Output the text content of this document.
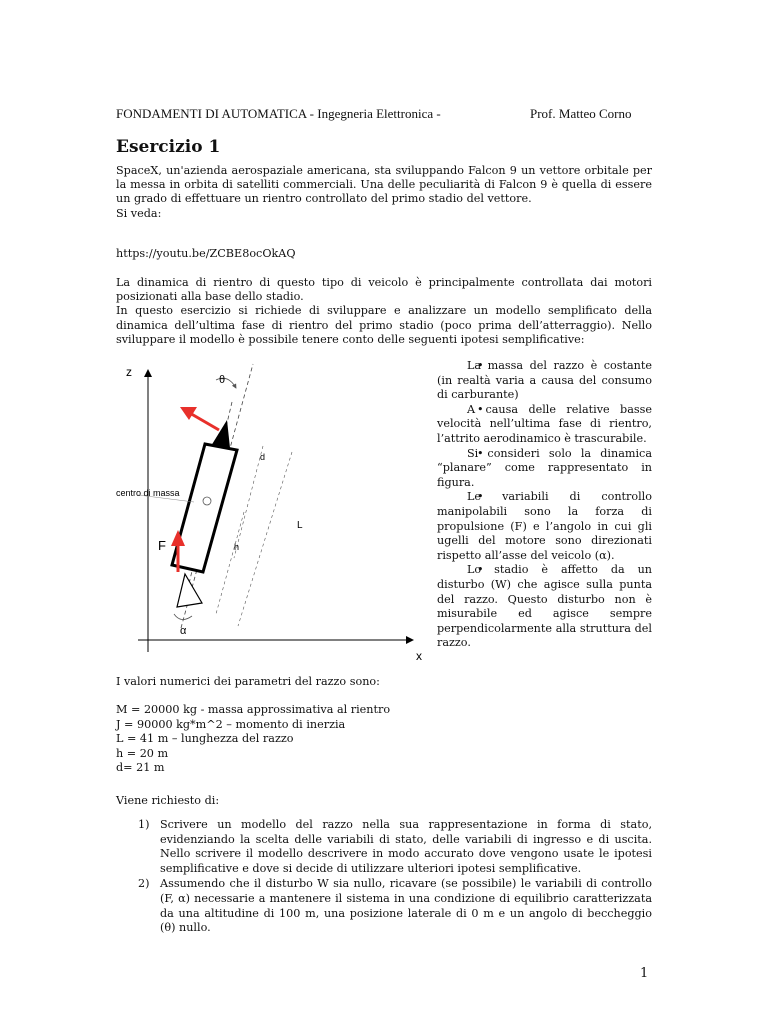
FONDAMENTI DI AUTOMATICA - Ingegneria Elettronica -	Prof. Matteo Corno
Esercizio 1

SpaceX, un'azienda aerospaziale americana, sta sviluppando Falcon 9 un vettore orbitale per la messa in orbita di satelliti commerciali. Una delle peculiarità di Falcon 9 è quella di essere un grado di effettuare un rientro controllato del primo stadio del vettore.

Si veda:

https://youtu.be/ZCBE8ocOkAQ

La dinamica di rientro di questo tipo di veicolo è principalmente controllata dai motori posizionati alla base dello stadio.

In questo esercizio si richiede di sviluppare e analizzare un modello semplificato della dinamica dell’ultima fase di rientro del primo stadio (poco prima dell’atterraggio). Nello sviluppare il modello è possibile tenere conto delle seguenti ipotesi semplificative:

z
x
θ
centro di massa
F
α
d
L
h

• La massa del razzo è costante (in realtà varia a causa del consumo di carburante)

• A causa delle relative basse velocità nell’ultima fase di rientro, l’attrito aerodinamico è trascurabile.

• Si consideri solo la dinamica “planare” come rappresentato in figura.

• Le variabili di controllo manipolabili sono la forza di propulsione (F) e l’angolo in cui gli ugelli del motore sono direzionati rispetto all’asse del veicolo (α).

• Lo stadio è affetto da un disturbo (W) che agisce sulla punta del razzo. Questo disturbo non è misurabile ed agisce sempre perpendicolarmente alla struttura del razzo.

I valori numerici dei parametri del razzo sono:

M = 20000 kg - massa approssimativa al rientro

J = 90000 kg*m^2 – momento di inerzia

L = 41 m – lunghezza del razzo

h = 20 m

d= 21 m

Viene richiesto di:

1) Scrivere un modello del razzo nella sua rappresentazione in forma di stato, evidenziando la scelta delle variabili di stato, delle variabili di ingresso e di uscita. Nello scrivere il modello descrivere in modo accurato dove vengono usate le ipotesi semplificative e dove si decide di utilizzare ulteriori ipotesi semplificative.

2) Assumendo che il disturbo W sia nullo, ricavare (se possibile) le variabili di controllo (F, α) necessarie a mantenere il sistema in una condizione di equilibrio caratterizzata da una altitudine di 100 m, una posizione laterale di 0 m e un angolo di beccheggio (θ) nullo.

1
